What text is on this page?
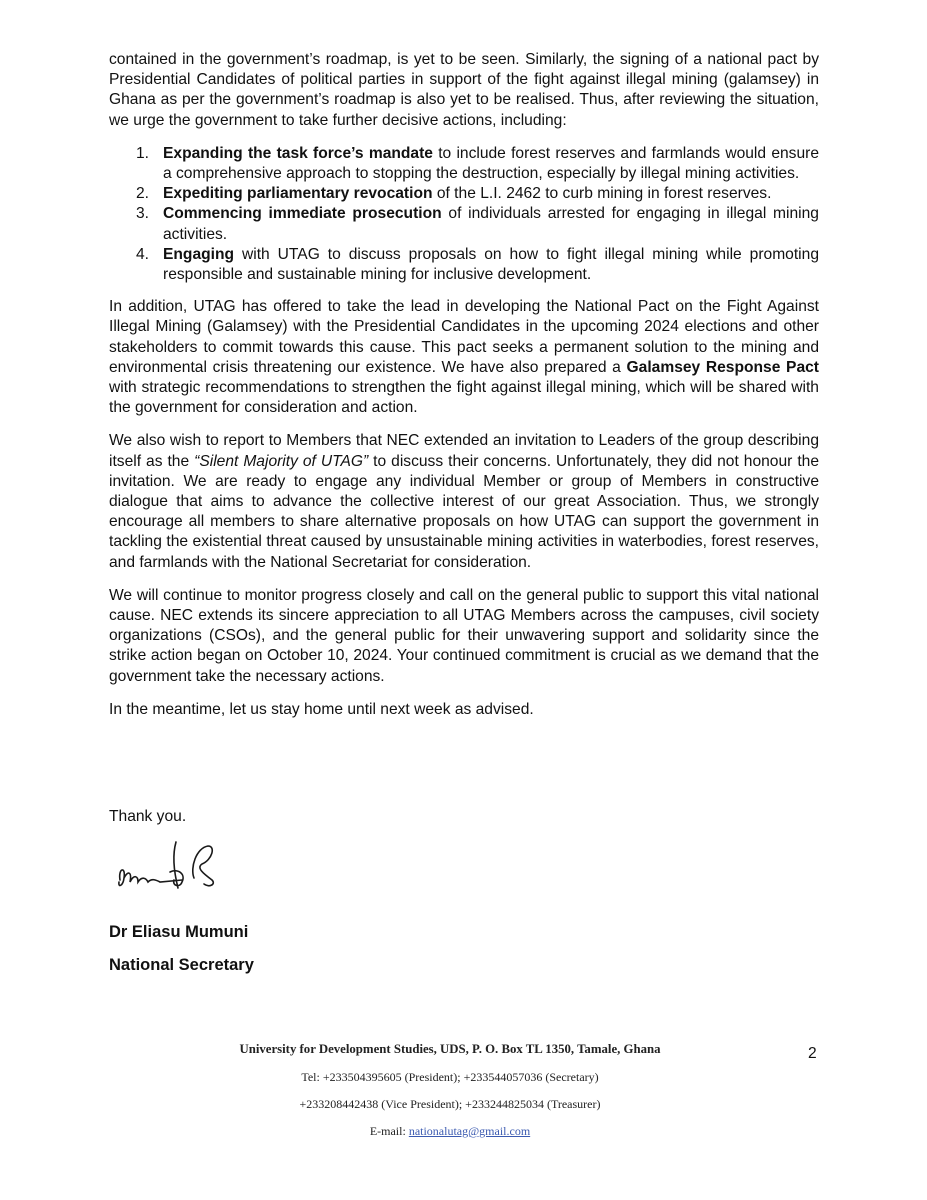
contained in the government’s roadmap, is yet to be seen. Similarly, the signing of a national pact by Presidential Candidates of political parties in support of the fight against illegal mining (galamsey) in Ghana as per the government’s roadmap is also yet to be realised. Thus, after reviewing the situation, we urge the government to take further decisive actions, including:

1. Expanding the task force’s mandate to include forest reserves and farmlands would ensure a comprehensive approach to stopping the destruction, especially by illegal mining activities.
2. Expediting parliamentary revocation of the L.I. 2462 to curb mining in forest reserves.
3. Commencing immediate prosecution of individuals arrested for engaging in illegal mining activities.
4. Engaging with UTAG to discuss proposals on how to fight illegal mining while promoting responsible and sustainable mining for inclusive development.

In addition, UTAG has offered to take the lead in developing the National Pact on the Fight Against Illegal Mining (Galamsey) with the Presidential Candidates in the upcoming 2024 elections and other stakeholders to commit towards this cause. This pact seeks a permanent solution to the mining and environmental crisis threatening our existence. We have also prepared a Galamsey Response Pact with strategic recommendations to strengthen the fight against illegal mining, which will be shared with the government for consideration and action.

We also wish to report to Members that NEC extended an invitation to Leaders of the group describing itself as the “Silent Majority of UTAG” to discuss their concerns. Unfortunately, they did not honour the invitation. We are ready to engage any individual Member or group of Members in constructive dialogue that aims to advance the collective interest of our great Association. Thus, we strongly encourage all members to share alternative proposals on how UTAG can support the government in tackling the existential threat caused by unsustainable mining activities in waterbodies, forest reserves, and farmlands with the National Secretariat for consideration.

We will continue to monitor progress closely and call on the general public to support this vital national cause. NEC extends its sincere appreciation to all UTAG Members across the campuses, civil society organizations (CSOs), and the general public for their unwavering support and solidarity since the strike action began on October 10, 2024. Your continued commitment is crucial as we demand that the government take the necessary actions.

In the meantime, let us stay home until next week as advised.

Thank you.
Dr Eliasu Mumuni
National Secretary
2
University for Development Studies, UDS, P. O. Box TL 1350, Tamale, Ghana
Tel: +233504395605 (President); +233544057036 (Secretary)
+233208442438 (Vice President); +233244825034 (Treasurer)
E-mail: nationalutag@gmail.com
